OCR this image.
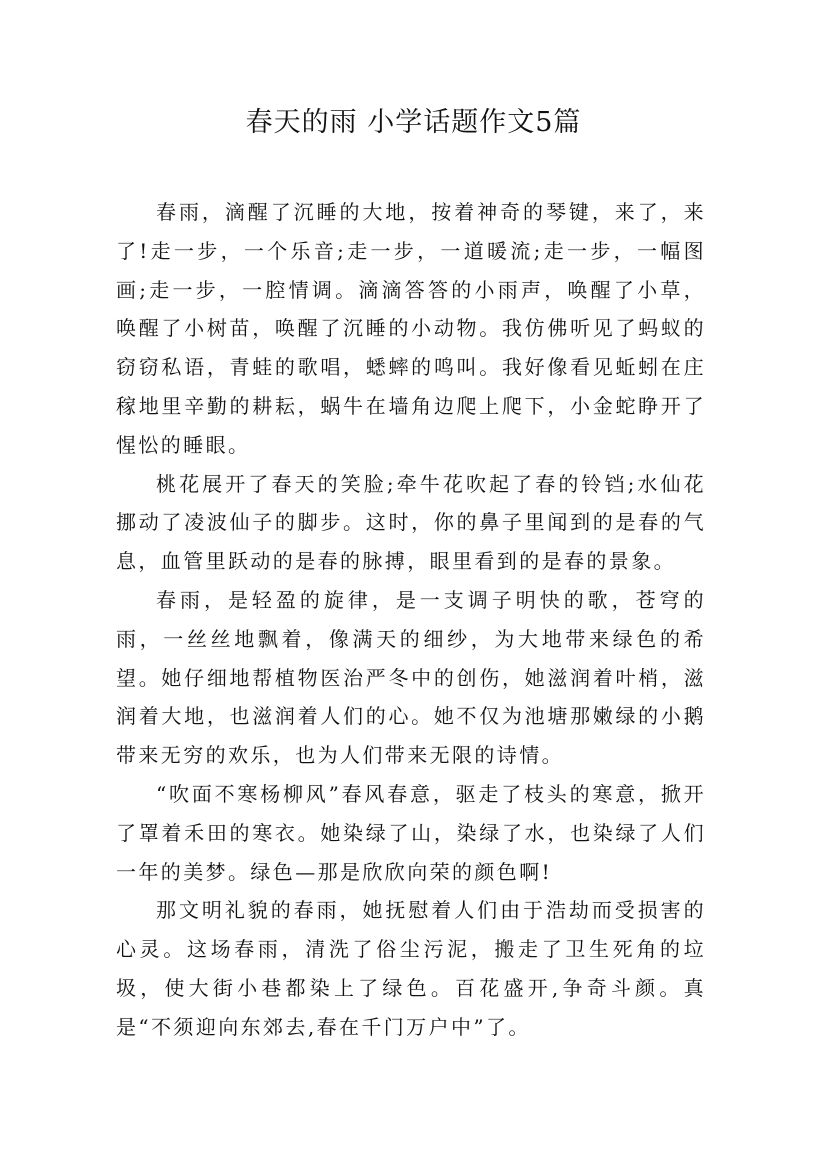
春天的雨 小学话题作文5篇

春雨，滴醒了沉睡的大地，按着神奇的琴键，来了，来了!走一步，一个乐音;走一步，一道暖流;走一步，一幅图画;走一步，一腔情调。滴滴答答的小雨声，唤醒了小草，唤醒了小树苗，唤醒了沉睡的小动物。我仿佛听见了蚂蚁的窃窃私语，青蛙的歌唱，蟋蟀的鸣叫。我好像看见蚯蚓在庄稼地里辛勤的耕耘，蜗牛在墙角边爬上爬下，小金蛇睁开了惺忪的睡眼。

桃花展开了春天的笑脸;牵牛花吹起了春的铃铛;水仙花挪动了凌波仙子的脚步。这时，你的鼻子里闻到的是春的气息，血管里跃动的是春的脉搏，眼里看到的是春的景象。

春雨，是轻盈的旋律，是一支调子明快的歌，苍穹的雨，一丝丝地飘着，像满天的细纱，为大地带来绿色的希望。她仔细地帮植物医治严冬中的创伤，她滋润着叶梢，滋润着大地，也滋润着人们的心。她不仅为池塘那嫩绿的小鹅带来无穷的欢乐，也为人们带来无限的诗情。

“吹面不寒杨柳风”春风春意，驱走了枝头的寒意，掀开了罩着禾田的寒衣。她染绿了山，染绿了水，也染绿了人们一年的美梦。绿色—那是欣欣向荣的颜色啊!

那文明礼貌的春雨，她抚慰着人们由于浩劫而受损害的心灵。这场春雨，清洗了俗尘污泥，搬走了卫生死角的垃圾，使大街小巷都染上了绿色。百花盛开,争奇斗颜。真是“不须迎向东郊去,春在千门万户中”了。
